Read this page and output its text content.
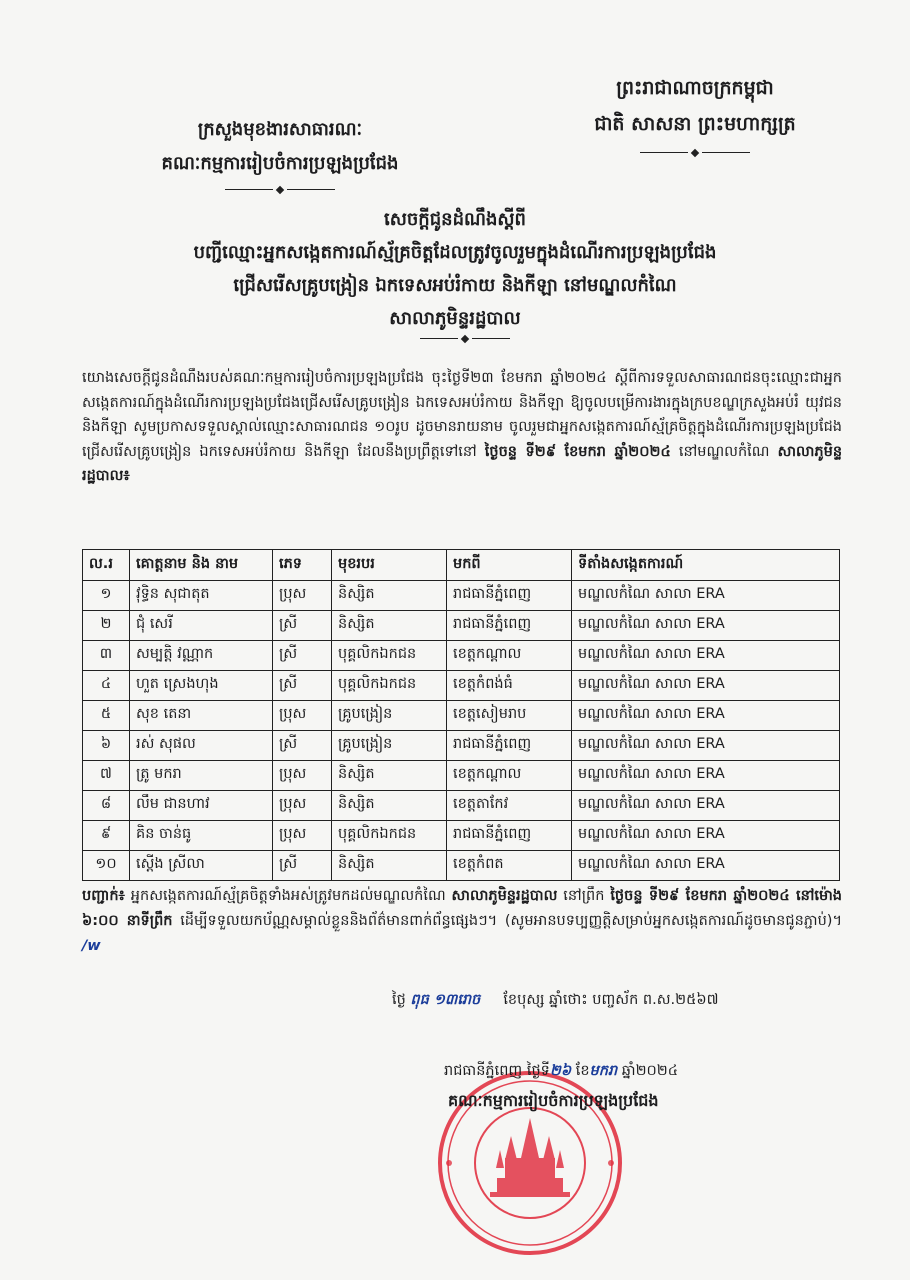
ព្រះរាជាណាចក្រកម្ពុជា
ជាតិ សាសនា ព្រះមហាក្សត្រ
ក្រសួងមុខងារសាធារណៈ
គណៈកម្មការរៀបចំការប្រឡងប្រជែង
សេចក្តីជូនដំណឹងស្តីពី
បញ្ជីឈ្មោះអ្នកសង្កេតការណ៍ស្ម័គ្រចិត្តដែលត្រូវចូលរួមក្នុងដំណើរការប្រឡងប្រជែង
ជ្រើសរើសគ្រូបង្រៀន ឯកទេសអប់រំកាយ និងកីឡា នៅមណ្ឌលកំណៃ
សាលាភូមិន្ទរដ្ឋបាល
យោងសេចក្តីជូនដំណឹងរបស់គណៈកម្មការរៀបចំការប្រឡងប្រជែង ចុះថ្ងៃទី២៣ ខែមករា ឆ្នាំ២០២៤ ស្តីពីការទទួលសាធារណជនចុះឈ្មោះជាអ្នកសង្កេតការណ៍ក្នុងដំណើរការប្រឡងប្រជែងជ្រើសរើសគ្រូបង្រៀន ឯកទេសអប់រំកាយ និងកីឡា ឱ្យចូលបម្រើការងារក្នុងក្របខណ្ឌក្រសួងអប់រំ យុវជន និងកីឡា សូមប្រកាសទទួលស្គាល់ឈ្មោះសាធារណជន ១០រូប ដូចមានរាយនាម ចូលរួមជាអ្នកសង្កេតការណ៍ស្ម័គ្រចិត្តក្នុងដំណើរការប្រឡងប្រជែងជ្រើសរើសគ្រូបង្រៀន ឯកទេសអប់រំកាយ និងកីឡា ដែលនឹងប្រព្រឹត្តទៅនៅ ថ្ងៃចន្ទ ទី២៩ ខែមករា ឆ្នាំ២០២៤ នៅមណ្ឌលកំណៃ សាលាភូមិន្ទរដ្ឋបាល៖
ល.រ	គោត្តនាម និង នាម	ភេទ	មុខរបរ	មកពី	ទីតាំងសង្កេតការណ៍
១	វុទ្ធិន សុជាតុត	ប្រុស	និស្សិត	រាជធានីភ្នំពេញ	មណ្ឌលកំណៃ សាលា ERA
២	ជុំ សេរី	ស្រី	និស្សិត	រាជធានីភ្នំពេញ	មណ្ឌលកំណៃ សាលា ERA
៣	សម្បត្តិ វណ្ណាក	ស្រី	បុគ្គលិកឯកជន	ខេត្តកណ្តាល	មណ្ឌលកំណៃ សាលា ERA
៤	ហួត ស្រេងហុង	ស្រី	បុគ្គលិកឯកជន	ខេត្តកំពង់ធំ	មណ្ឌលកំណៃ សាលា ERA
៥	សុខ តេនា	ប្រុស	គ្រូបង្រៀន	ខេត្តសៀមរាប	មណ្ឌលកំណៃ សាលា ERA
៦	រស់ សុផល	ស្រី	គ្រូបង្រៀន	រាជធានីភ្នំពេញ	មណ្ឌលកំណៃ សាលា ERA
៧	ត្រូ មករា	ប្រុស	និស្សិត	ខេត្តកណ្តាល	មណ្ឌលកំណៃ សាលា ERA
៨	លឹម ជានហាវ	ប្រុស	និស្សិត	ខេត្តតាកែវ	មណ្ឌលកំណៃ សាលា ERA
៩	គិន ចាន់ធូ	ប្រុស	បុគ្គលិកឯកជន	រាជធានីភ្នំពេញ	មណ្ឌលកំណៃ សាលា ERA
១០	ស្តើង ស្រីលា	ស្រី	និស្សិត	ខេត្តកំពត	មណ្ឌលកំណៃ សាលា ERA
បញ្ជាក់៖ អ្នកសង្កេតការណ៍ស្ម័គ្រចិត្តទាំងអស់ត្រូវមកដល់មណ្ឌលកំណៃ សាលាភូមិន្ទរដ្ឋបាល នៅព្រឹក ថ្ងៃចន្ទ ទី២៩ ខែមករា ឆ្នាំ២០២៤ នៅម៉ោង ៦:០០ នាទីព្រឹក ដើម្បីទទួលយកប័ណ្ណសម្គាល់ខ្លួននិងព័ត៌មានពាក់ព័ន្ធផ្សេងៗ។ (សូមអានបទប្បញ្ញត្តិសម្រាប់អ្នកសង្កេតការណ៍ដូចមានជូនភ្ជាប់)។ /w
ថ្ងៃ ពុធ ១៣រោច ខែបុស្ស ឆ្នាំថោះ បញ្ចស័ក ព.ស.២៥៦៧
រាជធានីភ្នំពេញ ថ្ងៃទី២៦ ខែមករា ឆ្នាំ២០២៤
គណៈកម្មការរៀបចំការប្រឡងប្រជែង
